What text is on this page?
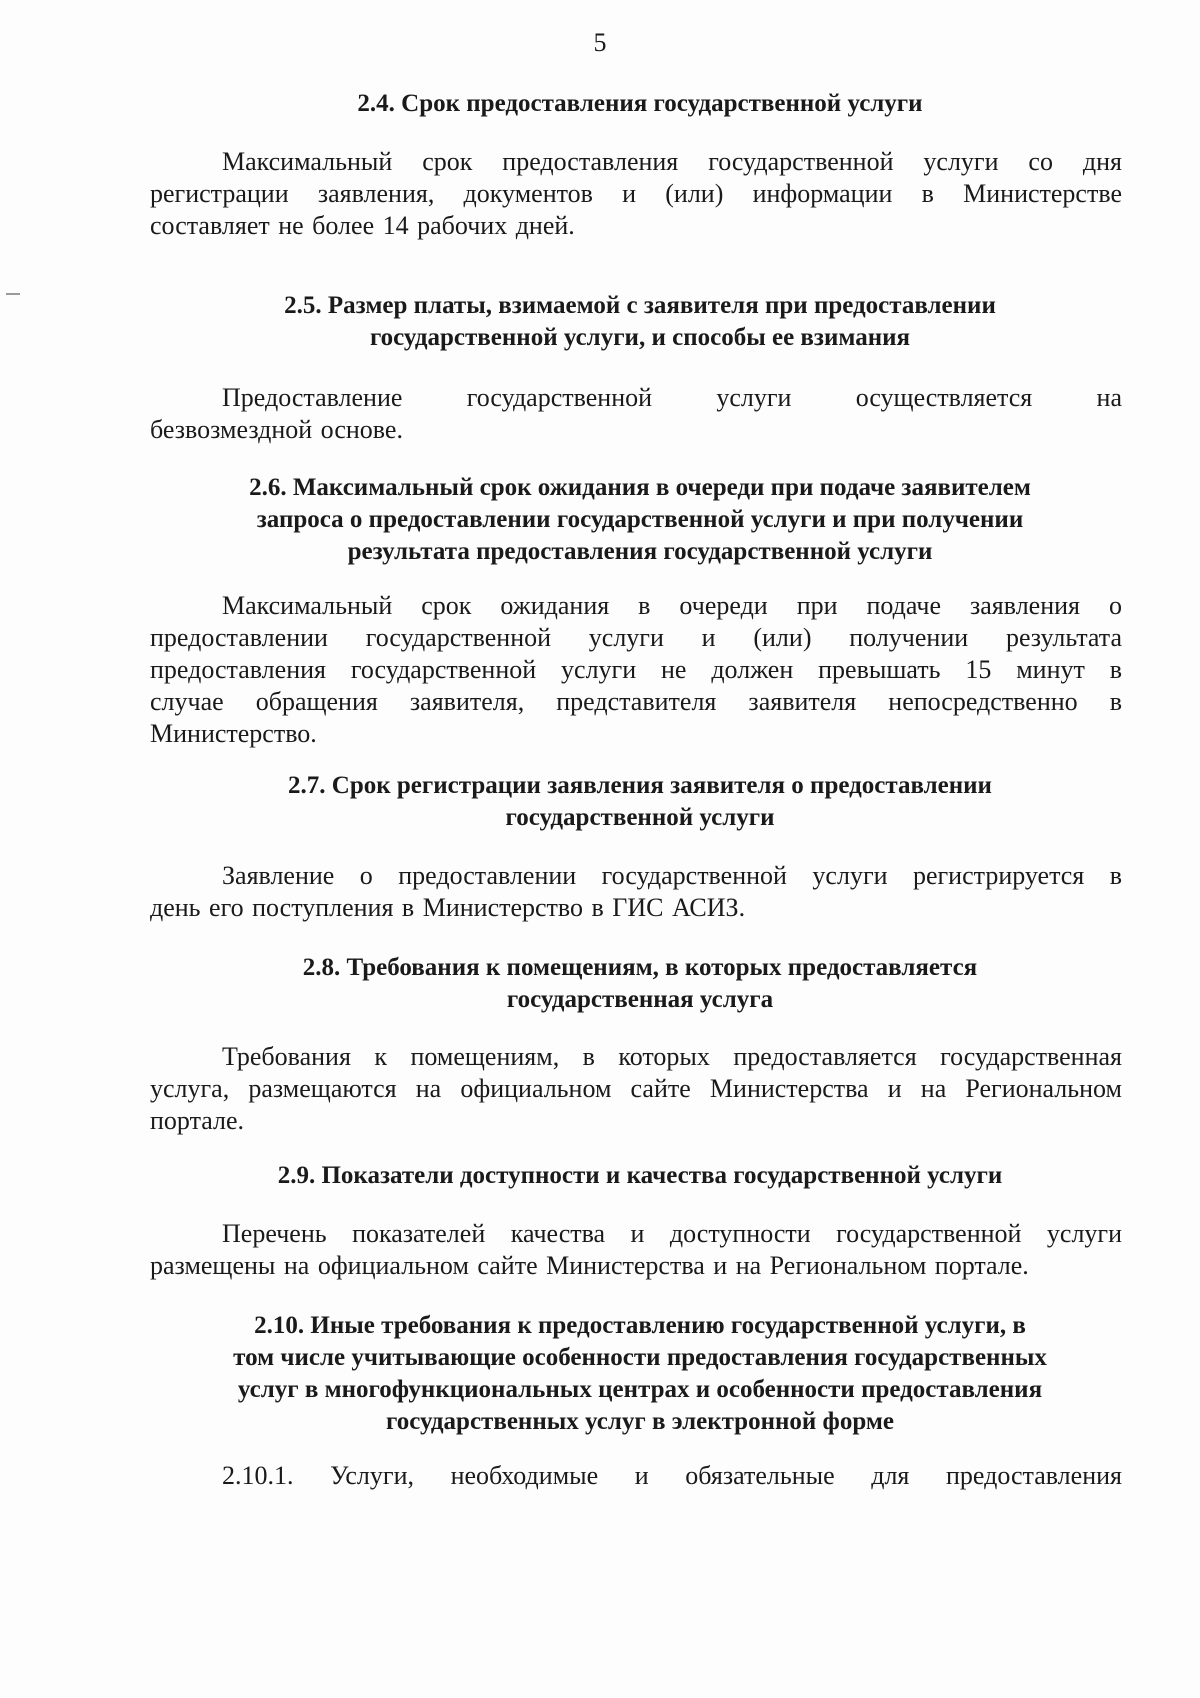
5
2.4. Срок предоставления государственной услуги
Максимальный срок предоставления государственной услуги со дня
регистрации заявления, документов и (или) информации в Министерстве
составляет не более 14 рабочих дней.
2.5. Размер платы, взимаемой с заявителя при предоставлении
государственной услуги, и способы ее взимания
Предоставление государственной услуги осуществляется на
безвозмездной основе.
2.6. Максимальный срок ожидания в очереди при подаче заявителем
запроса о предоставлении государственной услуги и при получении
результата предоставления государственной услуги
Максимальный срок ожидания в очереди при подаче заявления о
предоставлении государственной услуги и (или) получении результата
предоставления государственной услуги не должен превышать 15 минут в
случае обращения заявителя, представителя заявителя непосредственно в
Министерство.
2.7. Срок регистрации заявления заявителя о предоставлении
государственной услуги
Заявление о предоставлении государственной услуги регистрируется в
день его поступления в Министерство в ГИС АСИЗ.
2.8. Требования к помещениям, в которых предоставляется
государственная услуга
Требования к помещениям, в которых предоставляется государственная
услуга, размещаются на официальном сайте Министерства и на Региональном
портале.
2.9. Показатели доступности и качества государственной услуги
Перечень показателей качества и доступности государственной услуги
размещены на официальном сайте Министерства и на Региональном портале.
2.10. Иные требования к предоставлению государственной услуги, в
том числе учитывающие особенности предоставления государственных
услуг в многофункциональных центрах и особенности предоставления
государственных услуг в электронной форме
2.10.1. Услуги, необходимые и обязательные для предоставления
